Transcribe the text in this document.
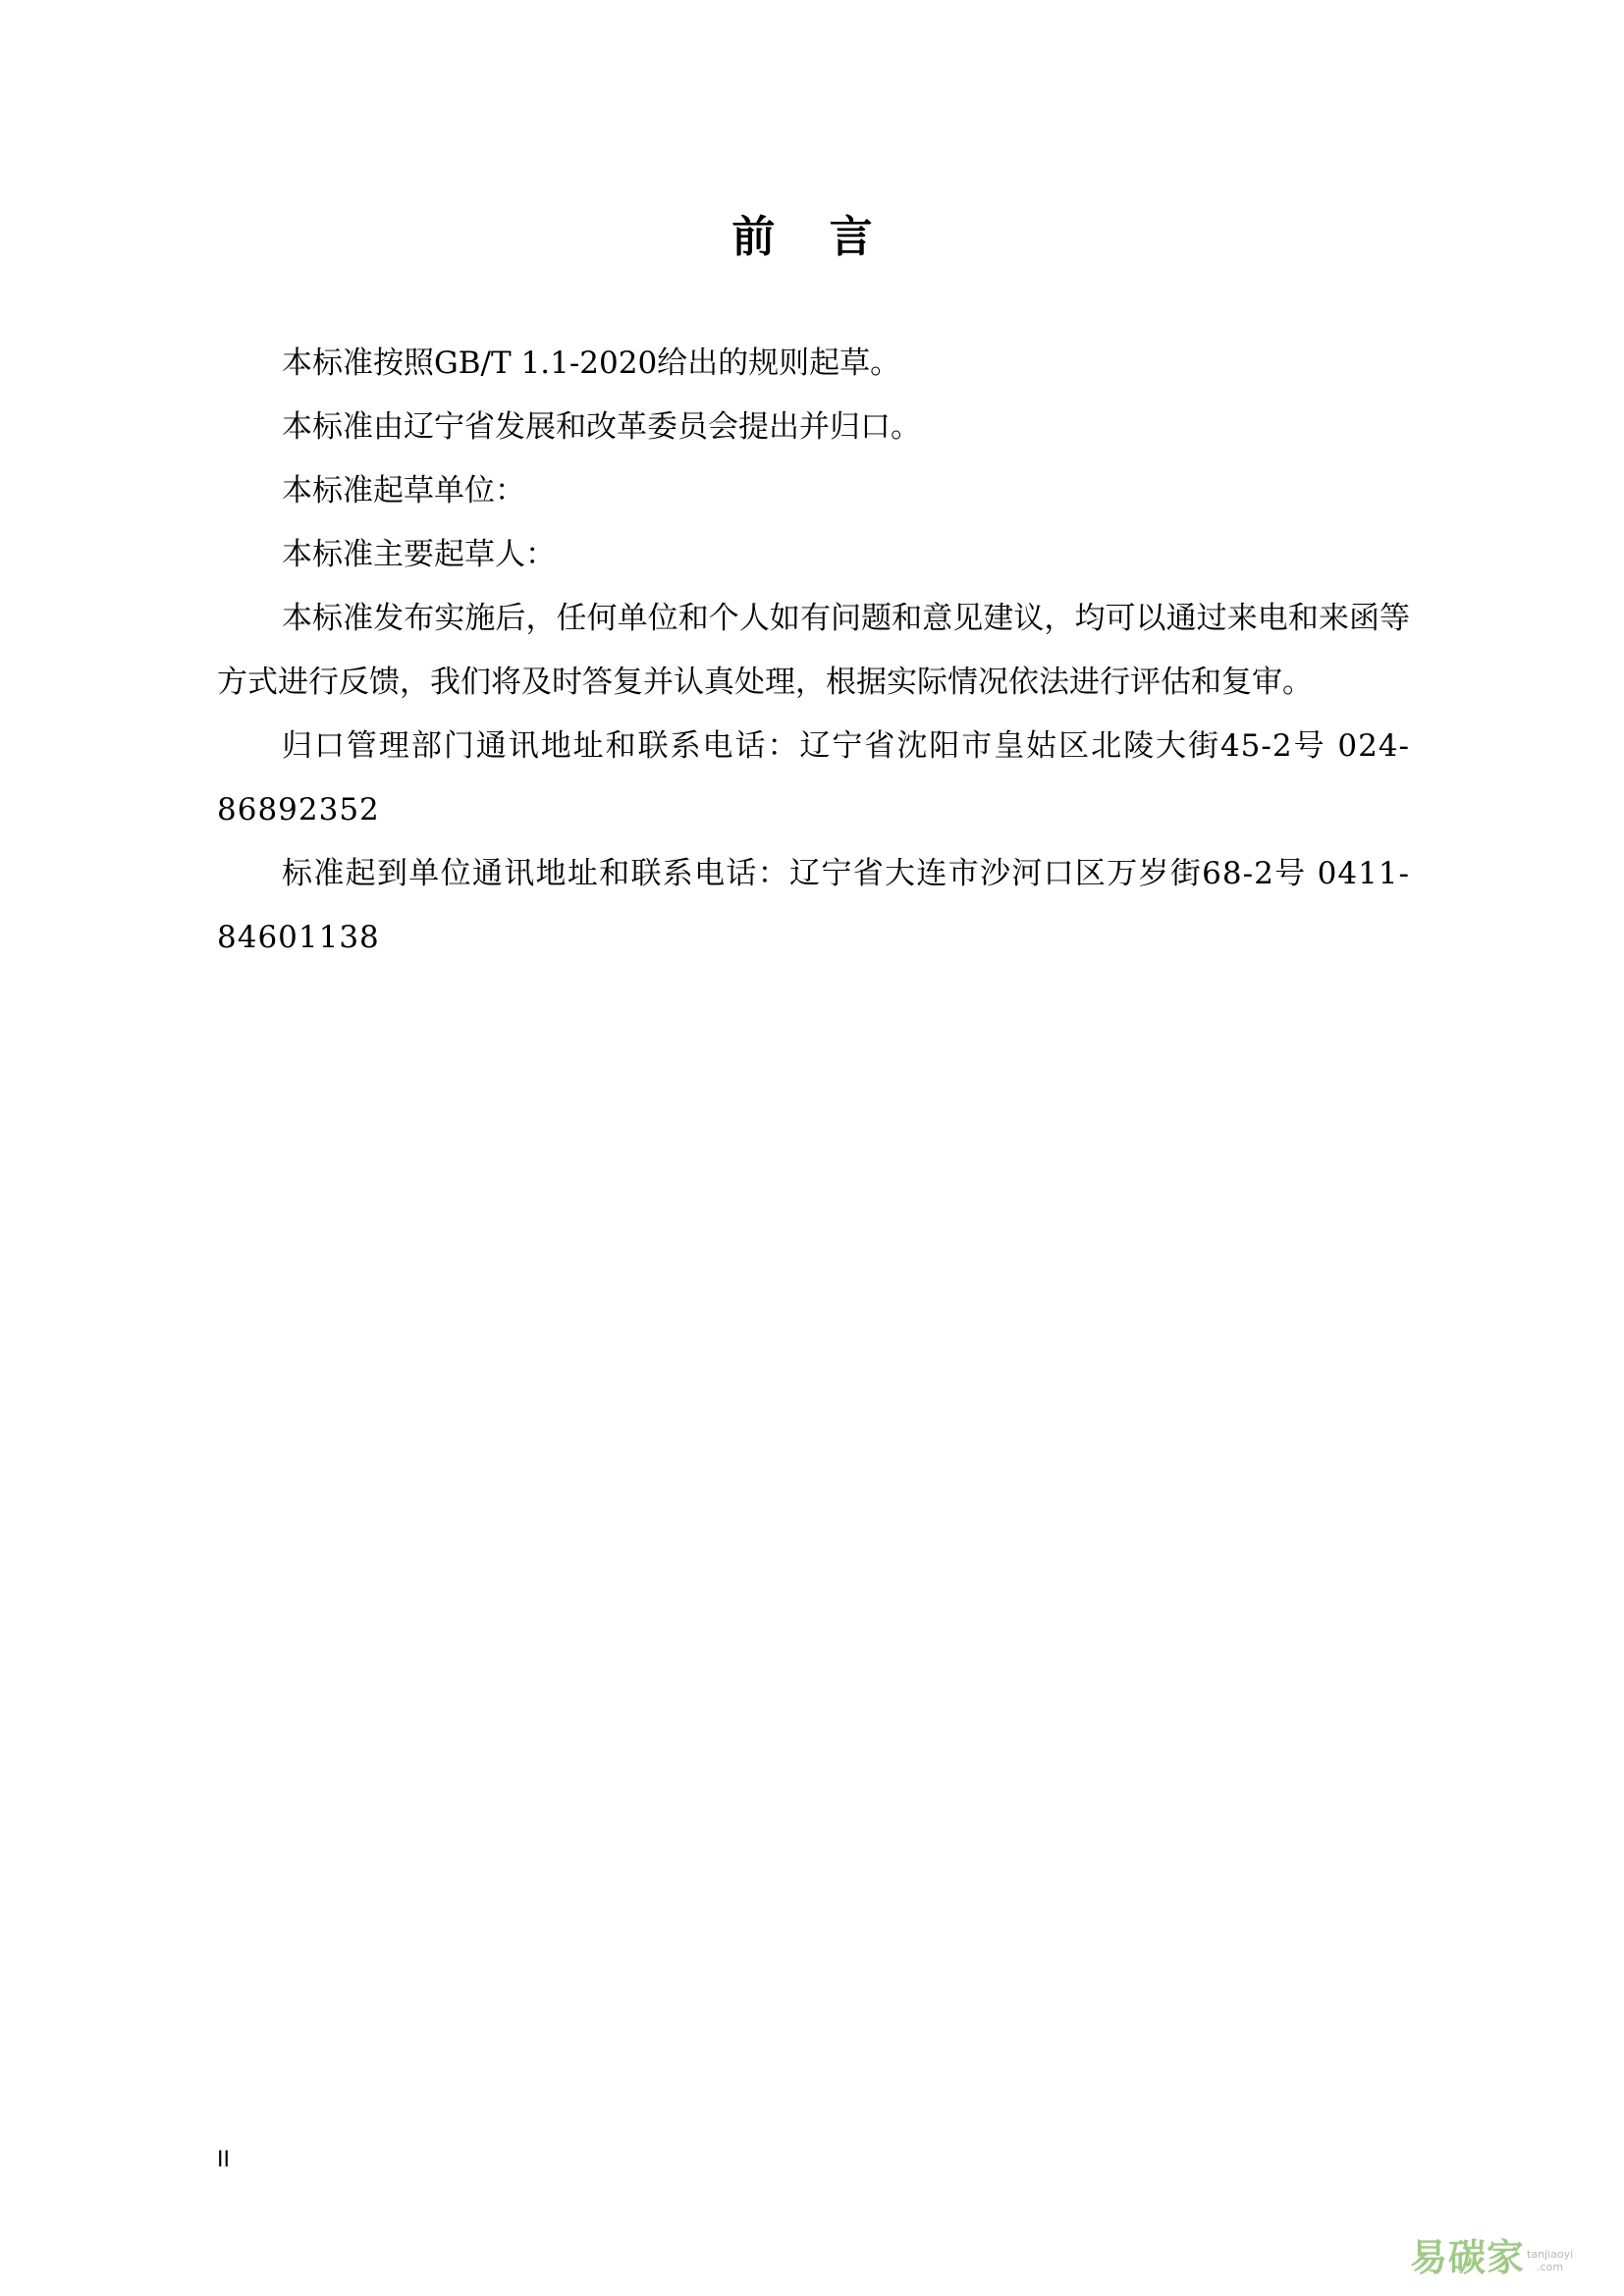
前 言

本标准按照GB/T 1.1-2020给出的规则起草。

本标准由辽宁省发展和改革委员会提出并归口。

本标准起草单位：

本标准主要起草人：

本标准发布实施后，任何单位和个人如有问题和意见建议，均可以通过来电和来函等方式进行反馈，我们将及时答复并认真处理，根据实际情况依法进行评估和复审。

归口管理部门通讯地址和联系电话：辽宁省沈阳市皇姑区北陵大街45-2号 024-86892352

标准起到单位通讯地址和联系电话：辽宁省大连市沙河口区万岁街68-2号 0411-84601138

II
易碳家 tanjiaoyi
.com
